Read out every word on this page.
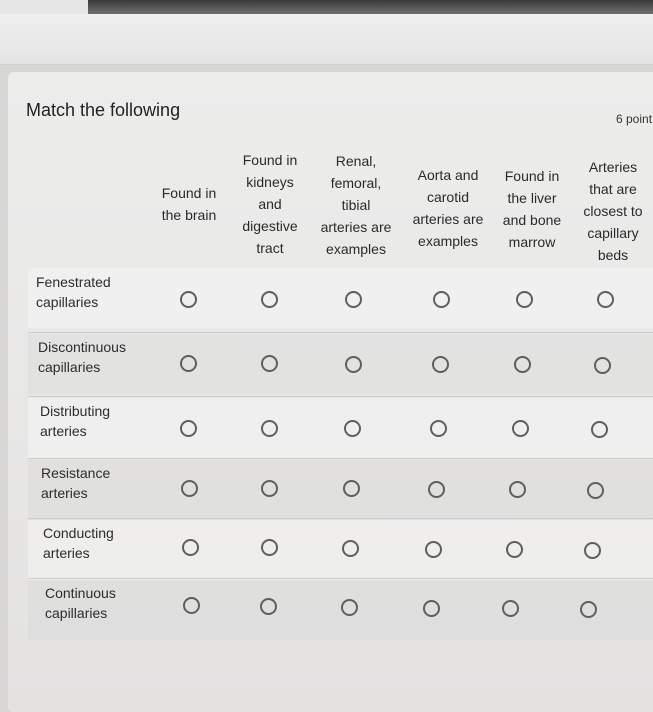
Match the following	6 point
Found in
the brain
Found in
kidneys
and
digestive
tract
Renal,
femoral,
tibial
arteries are
examples
Aorta and
carotid
arteries are
examples
Found in
the liver
and bone
marrow
Arteries
that are
closest to
capillary
beds
Fenestrated
capillaries
Discontinuous
capillaries
Distributing
arteries
Resistance
arteries
Conducting
arteries
Continuous
capillaries
